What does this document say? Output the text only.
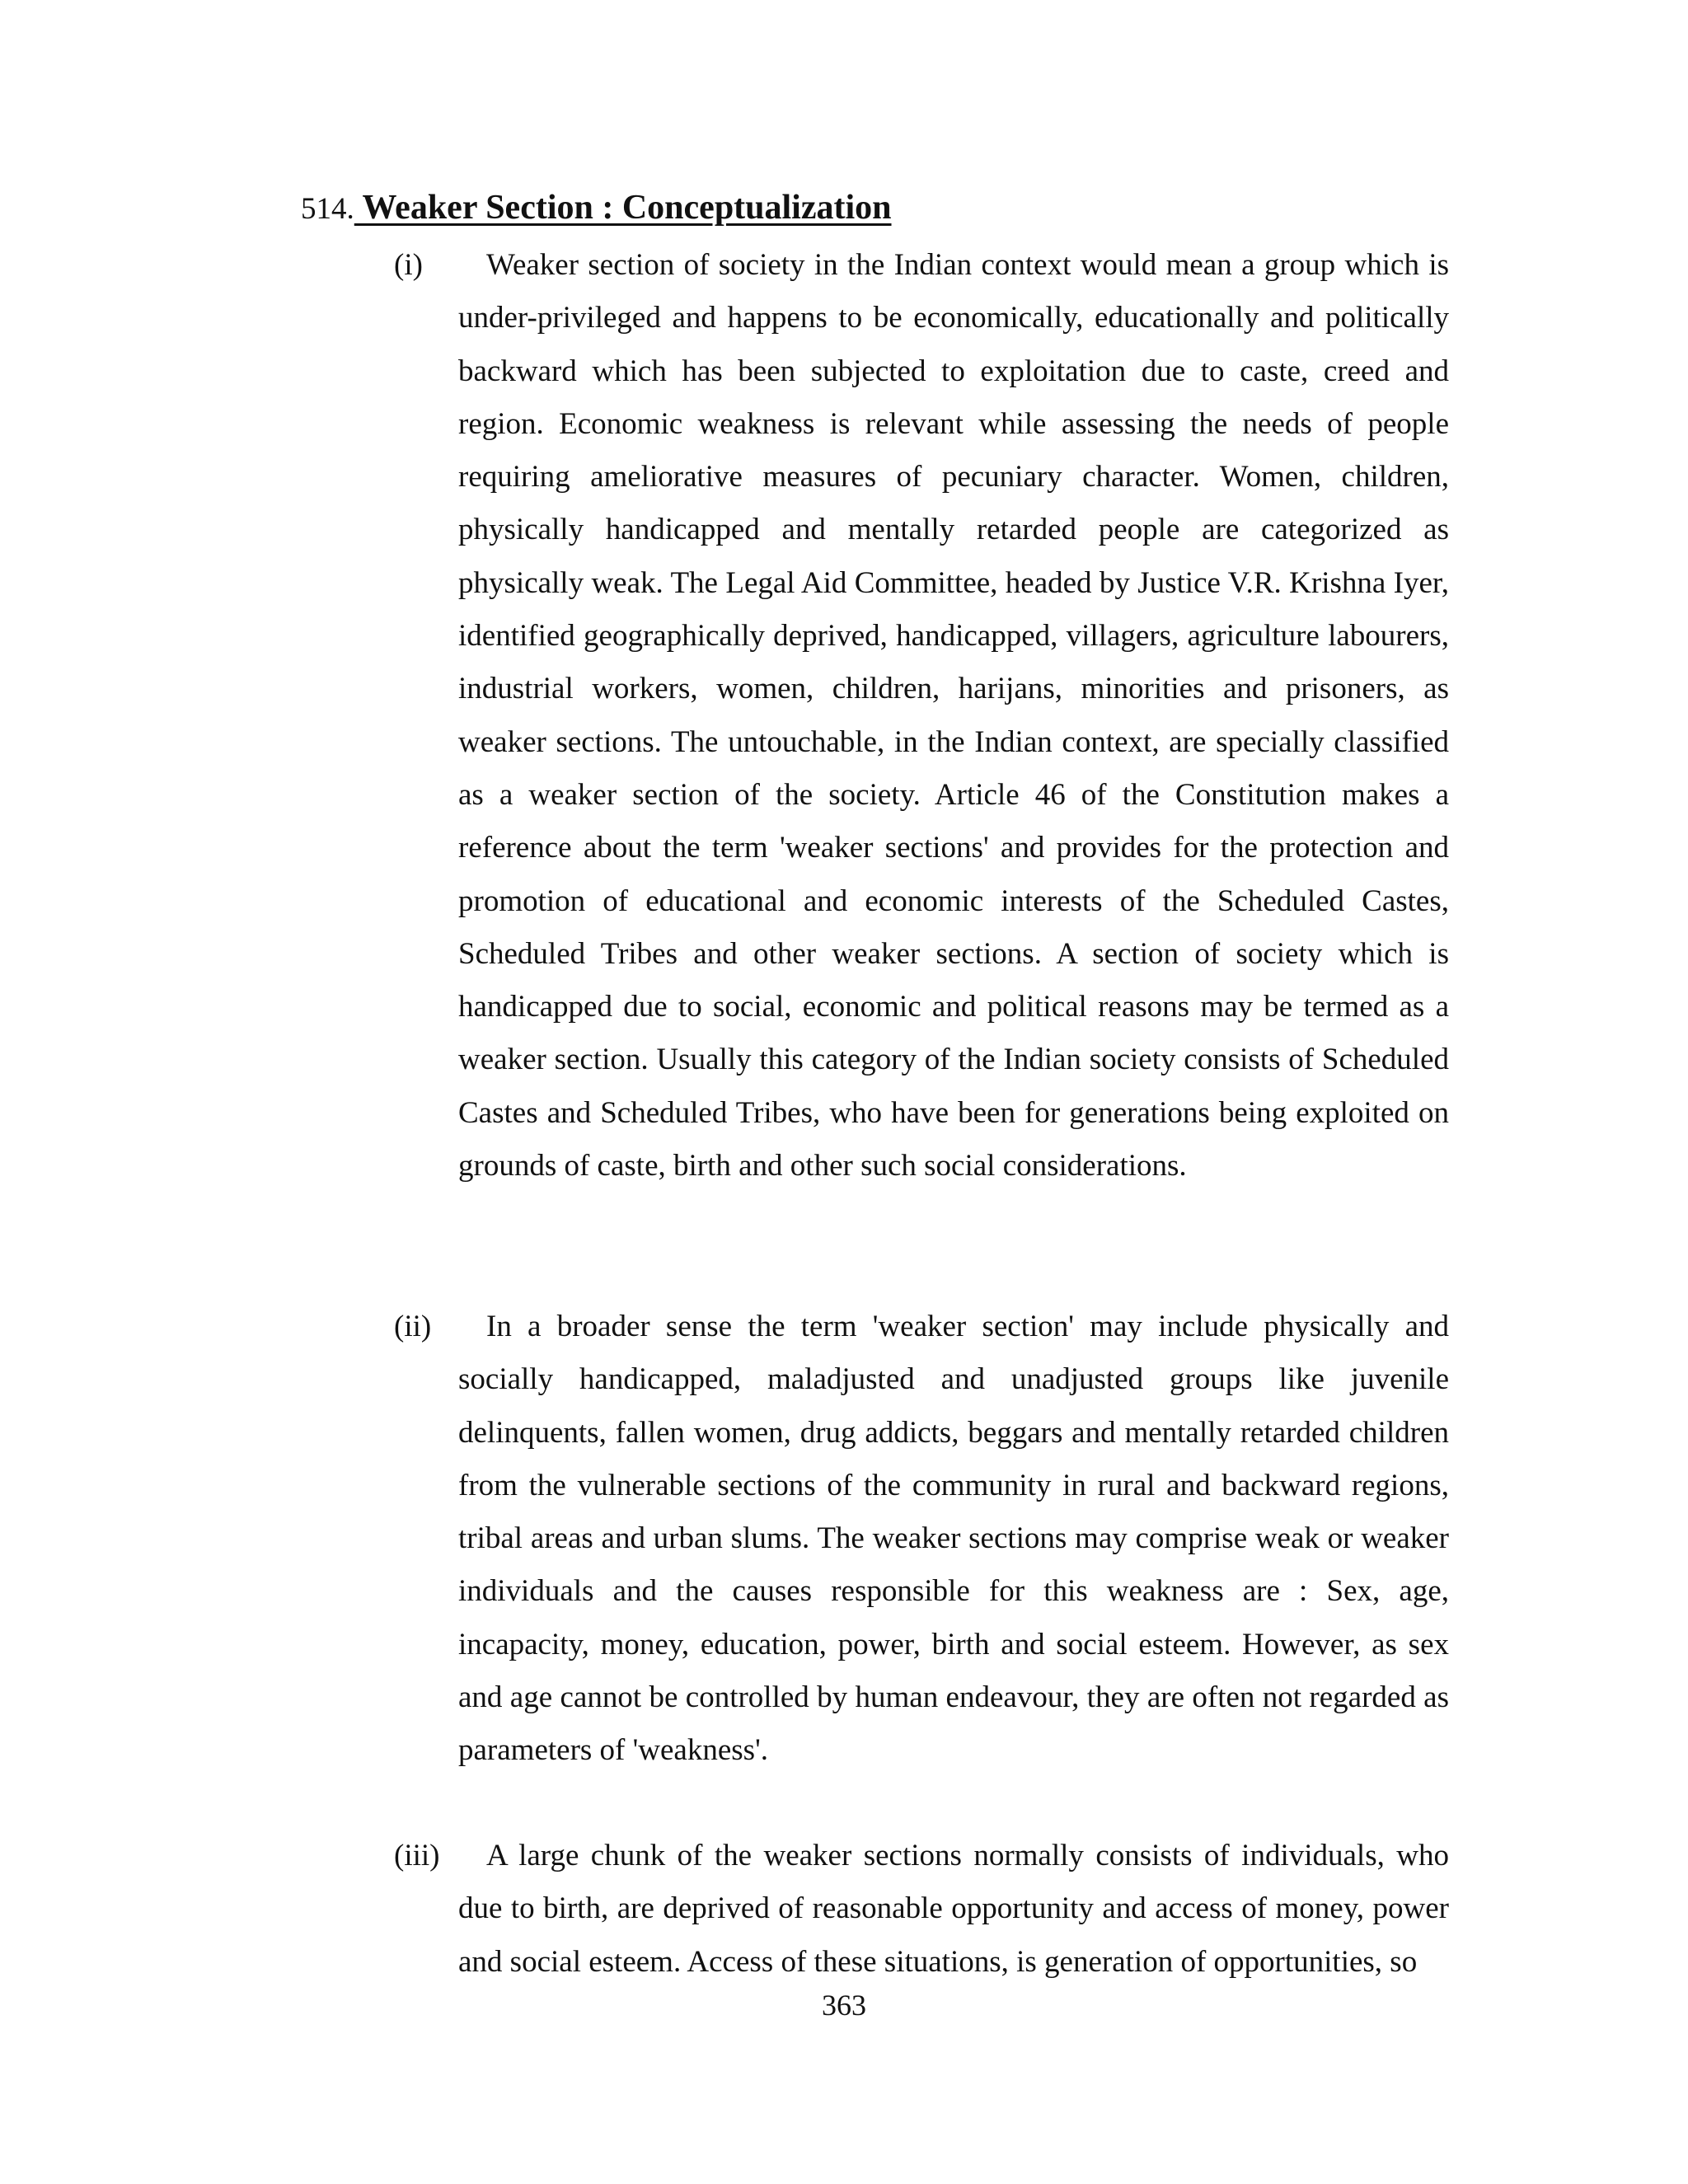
514. Weaker Section : Conceptualization
(i)	Weaker section of society in the Indian context would mean a group which is under-privileged and happens to be economically, educationally and politically backward which has been subjected to exploitation due to caste, creed and region. Economic weakness is relevant while assessing the needs of people requiring ameliorative measures of pecuniary character. Women, children, physically handicapped and mentally retarded people are categorized as physically weak. The Legal Aid Committee, headed by Justice V.R. Krishna Iyer, identified geographically deprived, handicapped, villagers, agriculture labourers, industrial workers, women, children, harijans, minorities and prisoners, as weaker sections. The untouchable, in the Indian context, are specially classified as a weaker section of the society. Article 46 of the Constitution makes a reference about the term 'weaker sections' and provides for the protection and promotion of educational and economic interests of the Scheduled Castes, Scheduled Tribes and other weaker sections. A section of society which is handicapped due to social, economic and political reasons may be termed as a weaker section. Usually this category of the Indian society consists of Scheduled Castes and Scheduled Tribes, who have been for generations being exploited on grounds of caste, birth and other such social considerations.
(ii)	In a broader sense the term 'weaker section' may include physically and socially handicapped, maladjusted and unadjusted groups like juvenile delinquents, fallen women, drug addicts, beggars and mentally retarded children from the vulnerable sections of the community in rural and backward regions, tribal areas and urban slums. The weaker sections may comprise weak or weaker individuals and the causes responsible for this weakness are : Sex, age, incapacity, money, education, power, birth and social esteem. However, as sex and age cannot be controlled by human endeavour, they are often not regarded as parameters of 'weakness'.
(iii)	A large chunk of the weaker sections normally consists of individuals, who due to birth, are deprived of reasonable opportunity and access of money, power and social esteem. Access of these situations, is generation of opportunities, so
363
